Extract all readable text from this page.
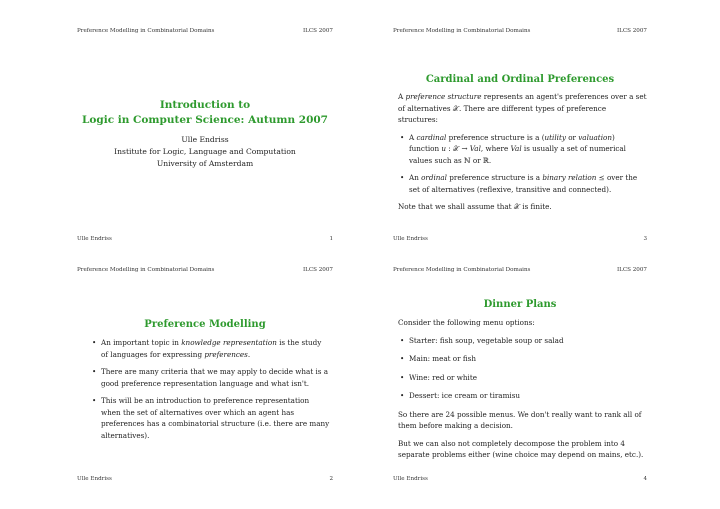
Preference Modelling in Combinatorial Domains	ILCS 2007
Introduction to
Logic in Computer Science: Autumn 2007
Ulle Endriss
Institute for Logic, Language and Computation
University of Amsterdam
Ulle Endriss	1
Preference Modelling in Combinatorial Domains	ILCS 2007
Cardinal and Ordinal Preferences

A preference structure represents an agent's preferences over a set of alternatives 𝒳. There are different types of preference structures:

• A cardinal preference structure is a (utility or valuation) function u : 𝒳 → Val, where Val is usually a set of numerical values such as ℕ or ℝ.
• An ordinal preference structure is a binary relation ⪯ over the set of alternatives (reflexive, transitive and connected).

Note that we shall assume that 𝒳 is finite.

Ulle Endriss	3
Preference Modelling in Combinatorial Domains	ILCS 2007
Preference Modelling
• An important topic in knowledge representation is the study of languages for expressing preferences.
• There are many criteria that we may apply to decide what is a good preference representation language and what isn't.
• This will be an introduction to preference representation when the set of alternatives over which an agent has preferences has a combinatorial structure (i.e. there are many alternatives).
Ulle Endriss	2
Preference Modelling in Combinatorial Domains	ILCS 2007
Dinner Plans

Consider the following menu options:

• Starter: fish soup, vegetable soup or salad
• Main: meat or fish
• Wine: red or white
• Dessert: ice cream or tiramisu

So there are 24 possible menus. We don't really want to rank all of them before making a decision.

But we can also not completely decompose the problem into 4 separate problems either (wine choice may depend on mains, etc.).

Ulle Endriss	4
